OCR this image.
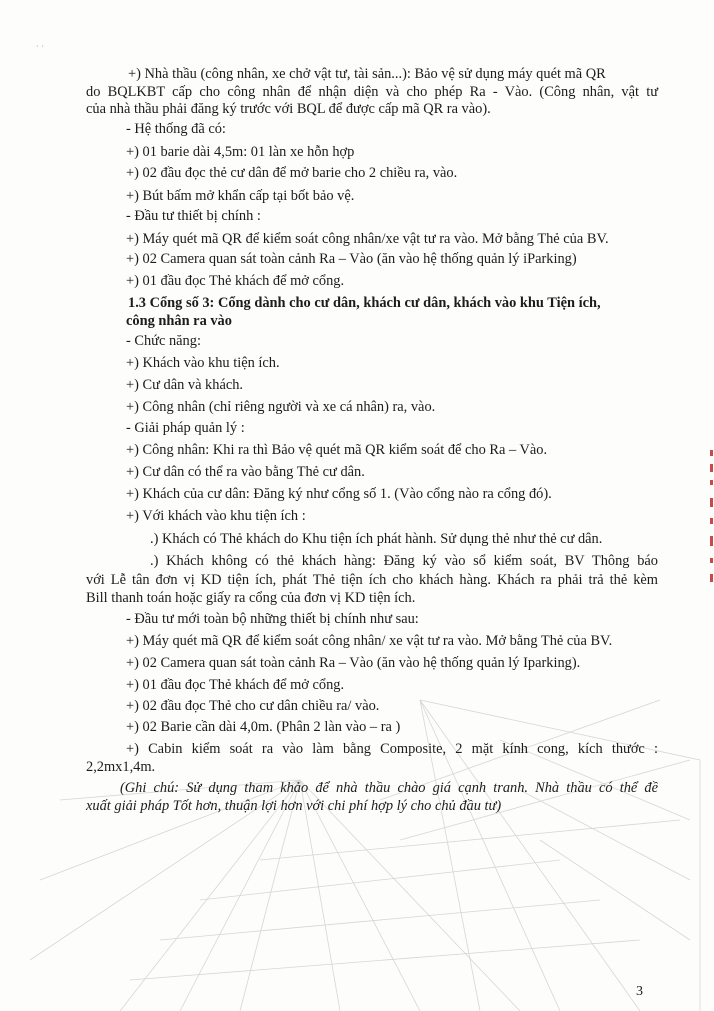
· ·
+) Nhà thầu (công nhân, xe chở vật tư, tài sản...): Bảo vệ sử dụng máy quét mã QR
do BQLKBT cấp cho công nhân để nhận diện và cho phép Ra - Vào. (Công nhân, vật tư
của nhà thầu phải đăng ký trước với BQL để được cấp mã QR ra vào).
- Hệ thống đã có:
+) 01 barie dài 4,5m: 01 làn xe hỗn hợp
+) 02 đầu đọc thẻ cư dân để mở barie cho 2 chiều ra, vào.
+) Bút bấm mở khẩn cấp tại bốt bảo vệ.
- Đầu tư thiết bị chính :
+) Máy quét mã QR để kiểm soát công nhân/xe vật tư ra vào. Mở bằng Thẻ của BV.
+) 02 Camera quan sát toàn cảnh Ra – Vào (ăn vào hệ thống quản lý iParking)
+) 01 đầu đọc Thẻ khách để mở cổng.
1.3 Cổng số 3: Cổng dành cho cư dân, khách cư dân, khách vào khu Tiện ích,
công nhân ra vào
- Chức năng:
+) Khách vào khu tiện ích.
+) Cư dân và khách.
+) Công nhân (chỉ riêng người và xe cá nhân) ra, vào.
- Giải pháp quản lý :
+) Công nhân: Khi ra thì Bảo vệ quét mã QR kiểm soát để cho Ra – Vào.
+) Cư dân có thể ra vào bằng Thẻ cư dân.
+) Khách của cư dân: Đăng ký như cổng số 1. (Vào cổng nào ra cổng đó).
+) Với khách vào khu tiện ích :
.) Khách có Thẻ khách do Khu tiện ích phát hành. Sử dụng thẻ như thẻ cư dân.
.) Khách không có thẻ khách hàng: Đăng ký vào sổ kiểm soát, BV Thông báo
với Lễ tân đơn vị KD tiện ích, phát Thẻ tiện ích cho khách hàng. Khách ra phải trả thẻ kèm
Bill thanh toán hoặc giấy ra cổng của đơn vị KD tiện ích.
- Đầu tư mới toàn bộ những thiết bị chính như sau:
+) Máy quét mã QR để kiểm soát công nhân/ xe vật tư ra vào. Mở bằng Thẻ của BV.
+) 02 Camera quan sát toàn cảnh Ra – Vào (ăn vào hệ thống quản lý Iparking).
+) 01 đầu đọc Thẻ khách để mở cổng.
+) 02 đầu đọc Thẻ cho cư dân chiều ra/ vào.
+) 02 Barie cần dài 4,0m. (Phân 2 làn vào – ra )
+) Cabin kiểm soát ra vào làm bằng Composite, 2 mặt kính cong, kích thước :
2,2mx1,4m.
(Ghi chú: Sử dụng tham khảo để nhà thầu chào giá cạnh tranh. Nhà thầu có thể đề
xuất giải pháp Tốt hơn, thuận lợi hơn với chi phí hợp lý cho chủ đầu tư)
3
